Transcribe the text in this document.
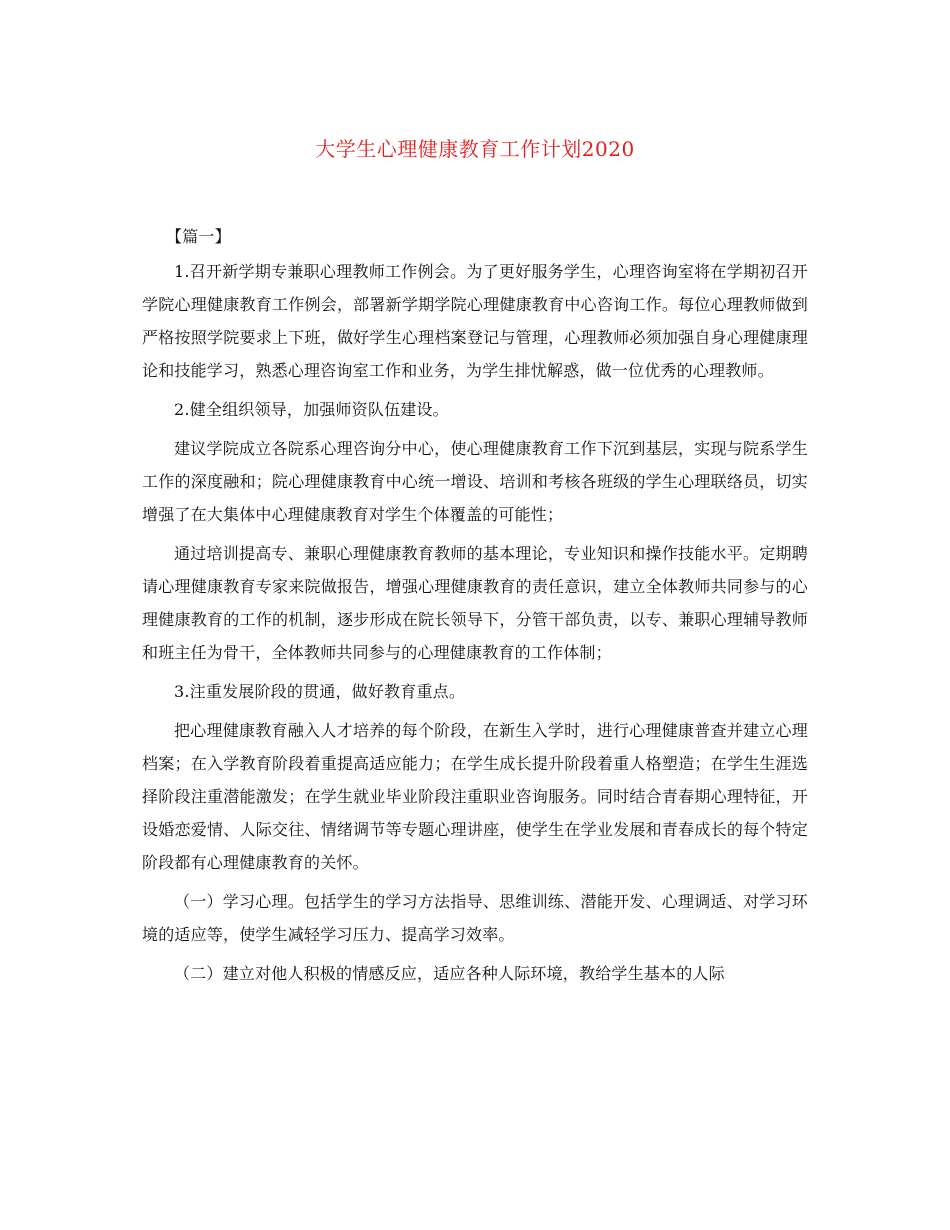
大学生心理健康教育工作计划2020

【篇一】

1.召开新学期专兼职心理教师工作例会。为了更好服务学生，心理咨询室将在学期初召开学院心理健康教育工作例会，部署新学期学院心理健康教育中心咨询工作。每位心理教师做到严格按照学院要求上下班，做好学生心理档案登记与管理，心理教师必须加强自身心理健康理论和技能学习，熟悉心理咨询室工作和业务，为学生排忧解惑，做一位优秀的心理教师。

2.健全组织领导，加强师资队伍建设。

建议学院成立各院系心理咨询分中心，使心理健康教育工作下沉到基层，实现与院系学生工作的深度融和；院心理健康教育中心统一增设、培训和考核各班级的学生心理联络员，切实增强了在大集体中心理健康教育对学生个体覆盖的可能性；

通过培训提高专、兼职心理健康教育教师的基本理论，专业知识和操作技能水平。定期聘请心理健康教育专家来院做报告，增强心理健康教育的责任意识，建立全体教师共同参与的心理健康教育的工作的机制，逐步形成在院长领导下，分管干部负责，以专、兼职心理辅导教师和班主任为骨干，全体教师共同参与的心理健康教育的工作体制；

3.注重发展阶段的贯通，做好教育重点。

把心理健康教育融入人才培养的每个阶段，在新生入学时，进行心理健康普查并建立心理档案；在入学教育阶段着重提高适应能力；在学生成长提升阶段着重人格塑造；在学生生涯选择阶段注重潜能激发；在学生就业毕业阶段注重职业咨询服务。同时结合青春期心理特征，开设婚恋爱情、人际交往、情绪调节等专题心理讲座，使学生在学业发展和青春成长的每个特定阶段都有心理健康教育的关怀。

（一）学习心理。包括学生的学习方法指导、思维训练、潜能开发、心理调适、对学习环境的适应等，使学生减轻学习压力、提高学习效率。

（二）建立对他人积极的情感反应，适应各种人际环境，教给学生基本的人际
